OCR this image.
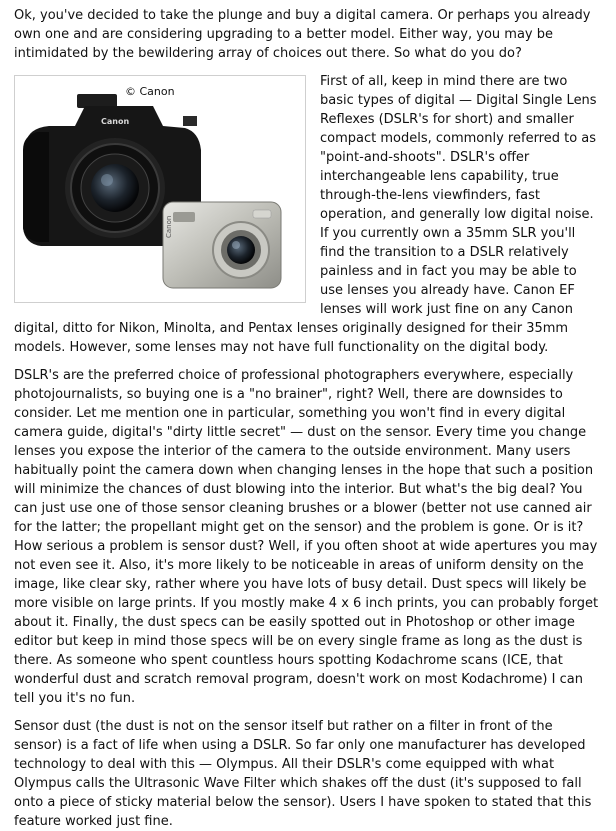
Ok, you've decided to take the plunge and buy a digital camera. Or perhaps you already own one and are considering upgrading to a better model. Either way, you may be intimidated by the bewildering array of choices out there. So what do you do?

Canon
Canon
© Canon

First of all, keep in mind there are two basic types of digital — Digital Single Lens Reflexes (DSLR's for short) and smaller compact models, commonly referred to as "point-and-shoots". DSLR's offer interchangeable lens capability, true through-the-lens viewfinders, fast operation, and generally low digital noise. If you currently own a 35mm SLR you'll find the transition to a DSLR relatively painless and in fact you may be able to use lenses you already have. Canon EF lenses will work just fine on any Canon digital, ditto for Nikon, Minolta, and Pentax lenses originally designed for their 35mm models. However, some lenses may not have full functionality on the digital body.

DSLR's are the preferred choice of professional photographers everywhere, especially photojournalists, so buying one is a "no brainer", right? Well, there are downsides to consider. Let me mention one in particular, something you won't find in every digital camera guide, digital's "dirty little secret" — dust on the sensor. Every time you change lenses you expose the interior of the camera to the outside environment. Many users habitually point the camera down when changing lenses in the hope that such a position will minimize the chances of dust blowing into the interior. But what's the big deal? You can just use one of those sensor cleaning brushes or a blower (better not use canned air for the latter; the propellant might get on the sensor) and the problem is gone. Or is it? How serious a problem is sensor dust? Well, if you often shoot at wide apertures you may not even see it. Also, it's more likely to be noticeable in areas of uniform density on the image, like clear sky, rather where you have lots of busy detail. Dust specs will likely be more visible on large prints. If you mostly make 4 x 6 inch prints, you can probably forget about it. Finally, the dust specs can be easily spotted out in Photoshop or other image editor but keep in mind those specs will be on every single frame as long as the dust is there. As someone who spent countless hours spotting Kodachrome scans (ICE, that wonderful dust and scratch removal program, doesn't work on most Kodachrome) I can tell you it's no fun.

Sensor dust (the dust is not on the sensor itself but rather on a filter in front of the sensor) is a fact of life when using a DSLR. So far only one manufacturer has developed technology to deal with this — Olympus. All their DSLR's come equipped with what Olympus calls the Ultrasonic Wave Filter which shakes off the dust (it's supposed to fall onto a piece of sticky material below the sensor). Users I have spoken to stated that this feature worked just fine.
